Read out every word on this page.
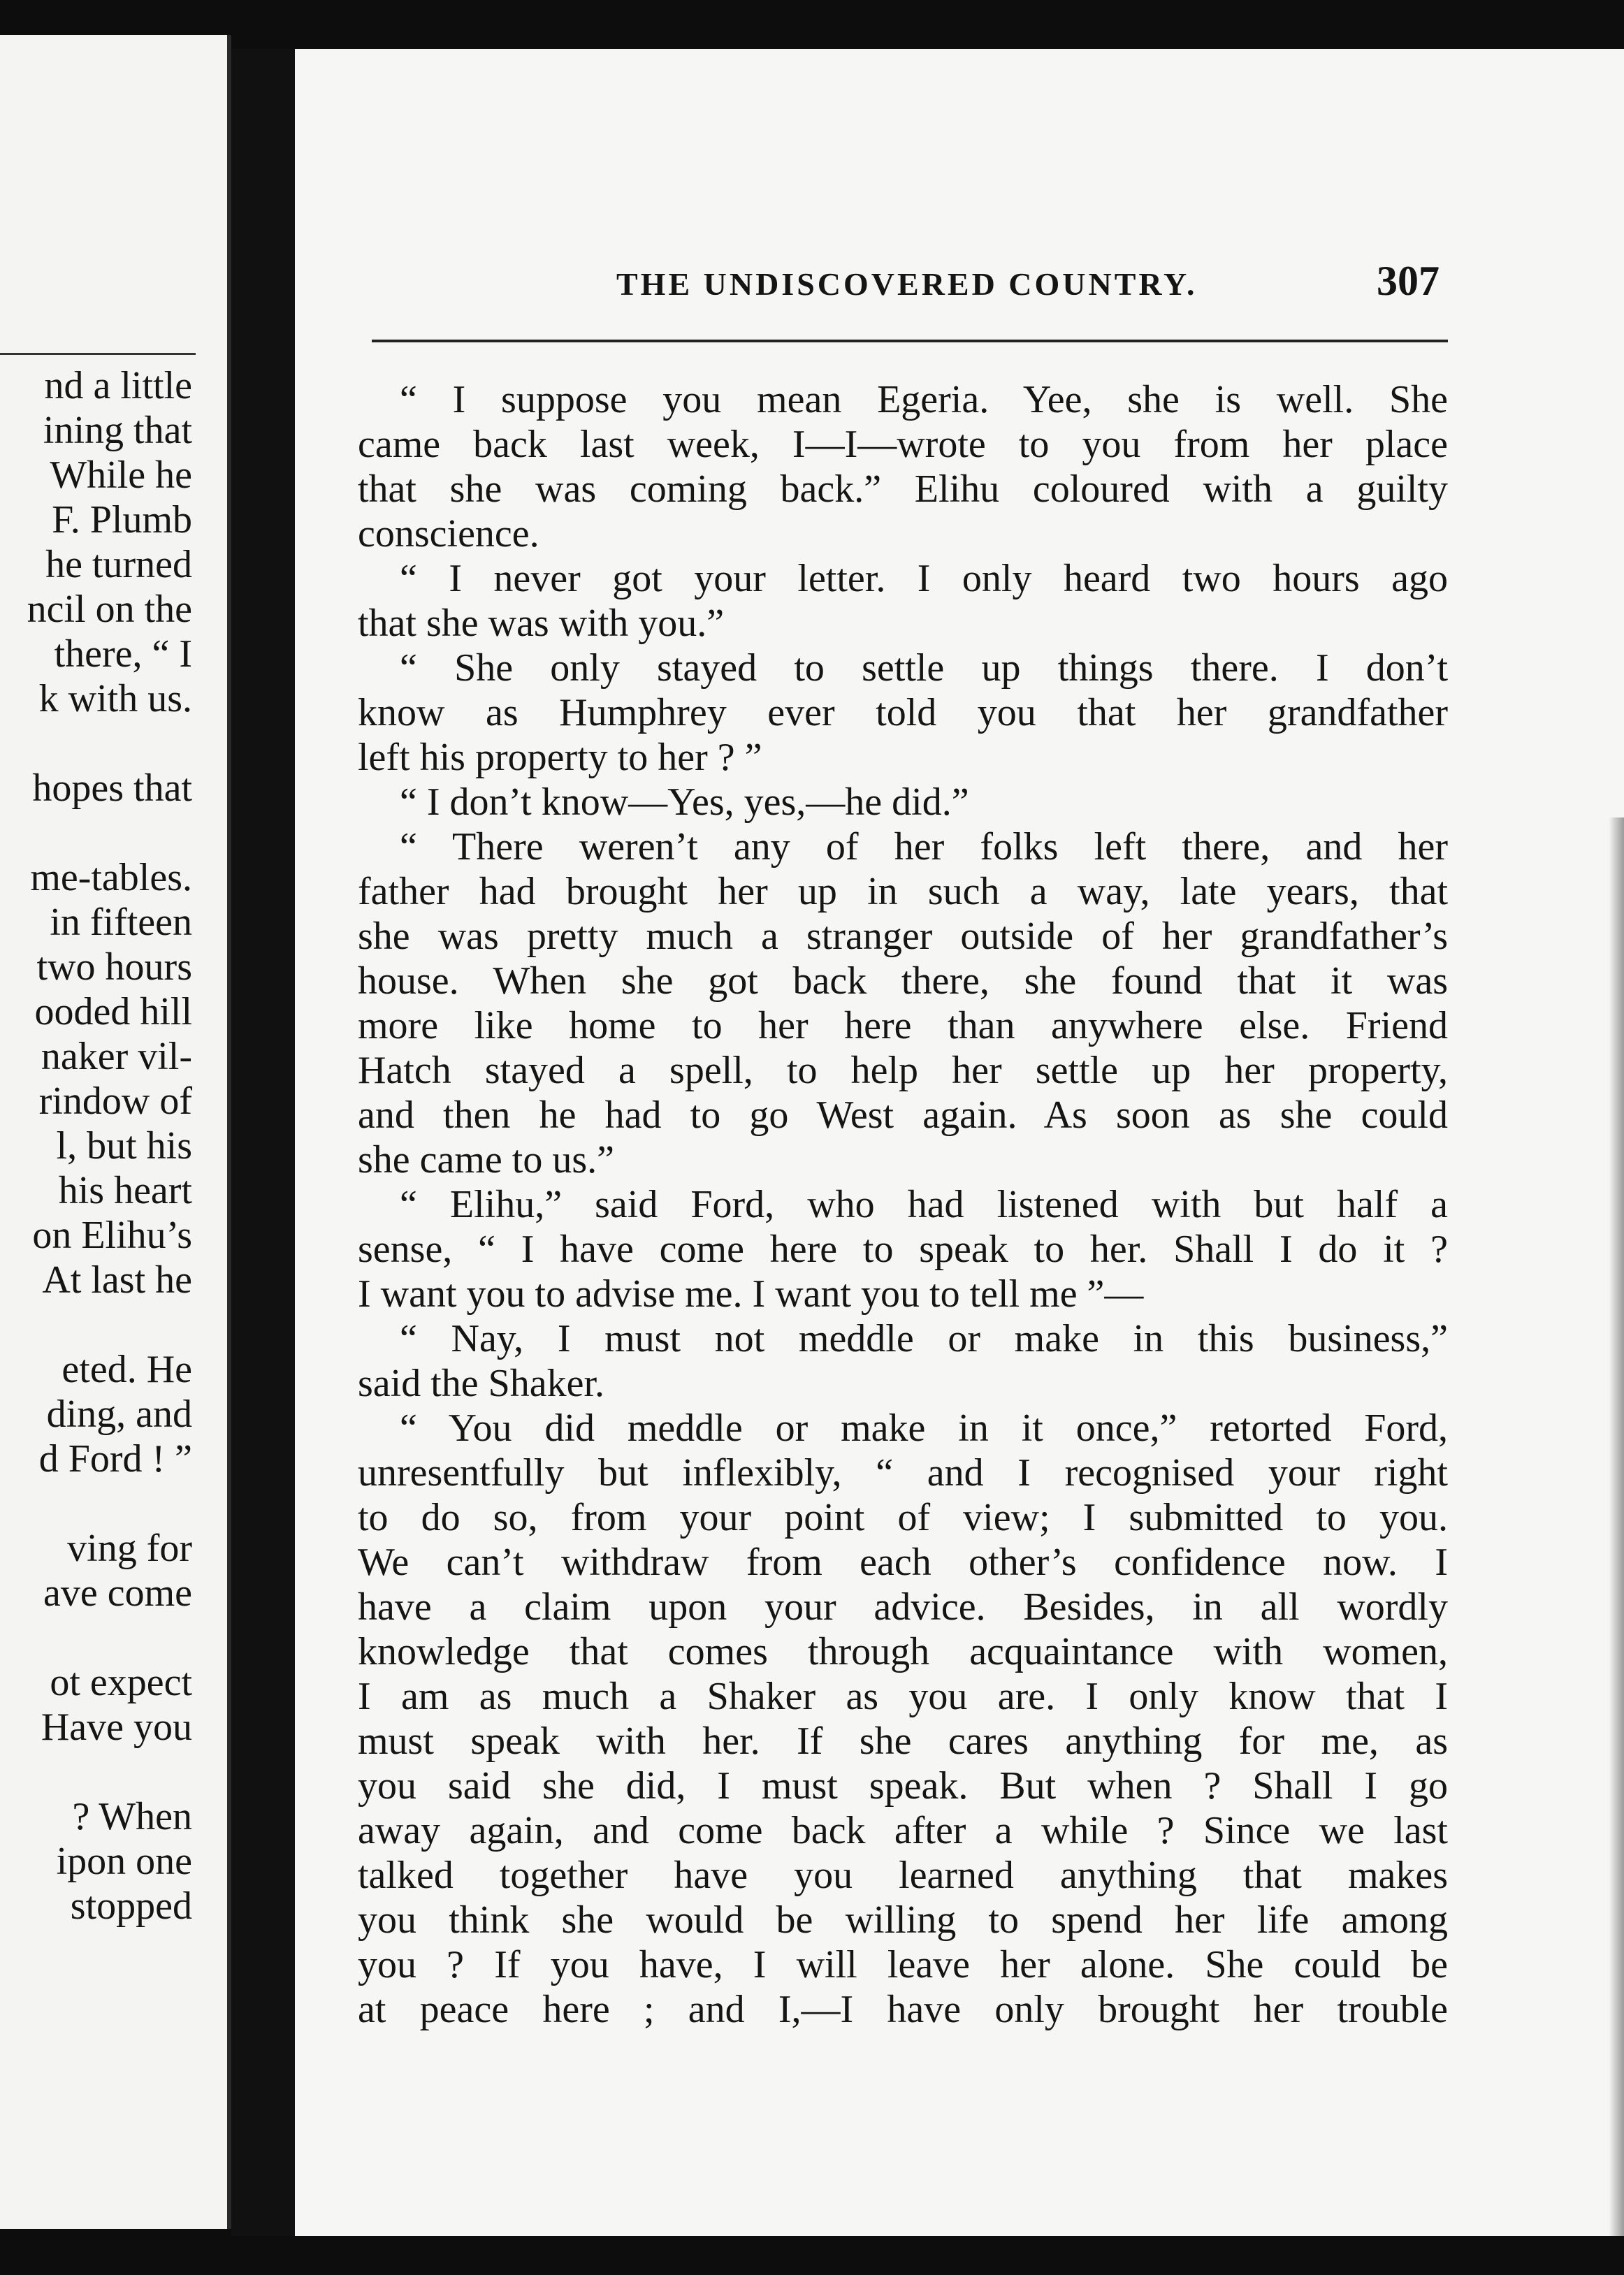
nd a little
ining that
While he
F. Plumb
he turned
ncil on the
there, “ I
k with us.
hopes that
me-tables.
in fifteen
two hours
ooded hill
naker vil-
rindow of
l, but his
his heart
on Elihu’s
At last he
eted. He
ding, and
d Ford ! ”
ving for
ave come
ot expect
Have you
? When
ipon one
stopped
THE UNDISCOVERED COUNTRY.	307
“ I suppose you mean Egeria. Yee, she is well. She
came back last week, I—I—wrote to you from her place
that she was coming back.” Elihu coloured with a guilty
conscience.
“ I never got your letter. I only heard two hours ago
that she was with you.”
“ She only stayed to settle up things there. I don’t
know as Humphrey ever told you that her grandfather
left his property to her ? ”
“ I don’t know—Yes, yes,—he did.”
“ There weren’t any of her folks left there, and her
father had brought her up in such a way, late years, that
she was pretty much a stranger outside of her grandfather’s
house. When she got back there, she found that it was
more like home to her here than anywhere else. Friend
Hatch stayed a spell, to help her settle up her property,
and then he had to go West again. As soon as she could
she came to us.”
“ Elihu,” said Ford, who had listened with but half a
sense, “ I have come here to speak to her. Shall I do it ?
I want you to advise me. I want you to tell me ”—
“ Nay, I must not meddle or make in this business,”
said the Shaker.
“ You did meddle or make in it once,” retorted Ford,
unresentfully but inflexibly, “ and I recognised your right
to do so, from your point of view; I submitted to you.
We can’t withdraw from each other’s confidence now. I
have a claim upon your advice. Besides, in all wordly
knowledge that comes through acquaintance with women,
I am as much a Shaker as you are. I only know that I
must speak with her. If she cares anything for me, as
you said she did, I must speak. But when ? Shall I go
away again, and come back after a while ? Since we last
talked together have you learned anything that makes
you think she would be willing to spend her life among
you ? If you have, I will leave her alone. She could be
at peace here ; and I,—I have only brought her trouble
